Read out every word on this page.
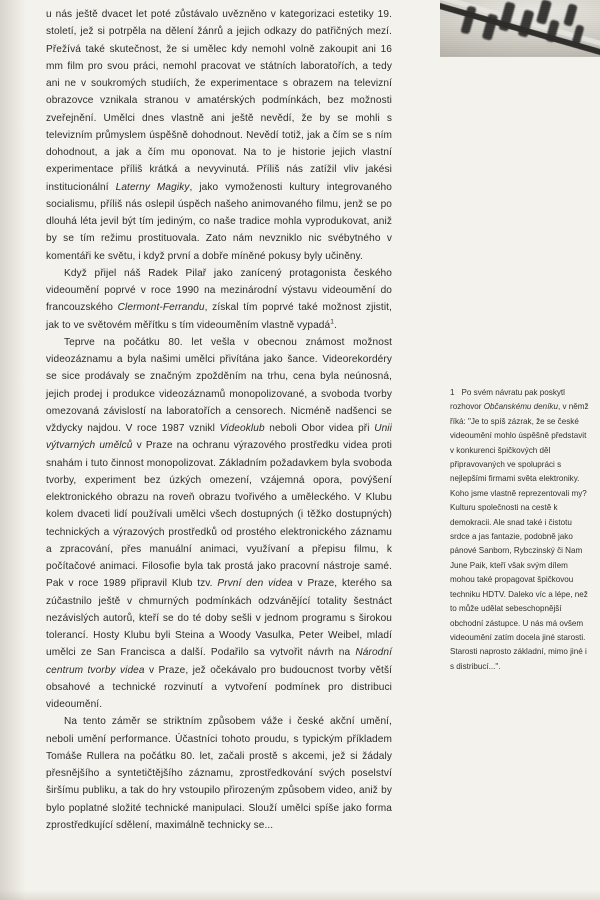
u nás ještě dvacet let poté zůstávalo uvězněno v kategorizaci estetiky 19. století, jež si potrpěla na dělení žánrů a jejich odkazy do patřičných mezí. Přežívá také skutečnost, že si umělec kdy nemohl volně zakoupit ani 16 mm film pro svou práci, nemohl pracovat ve státních laboratořích, a tedy ani ne v soukromých studiích, že experimentace s obrazem na televizní obrazovce vznikala stranou v amatérských podmínkách, bez možnosti zveřejnění. Umělci dnes vlastně ani ještě nevědí, že by se mohli s televizním průmyslem úspěšně dohodnout. Nevědí totiž, jak a čím se s ním dohodnout, a jak a čím mu oponovat. Na to je historie jejich vlastní experimentace příliš krátká a nevyvinutá. Příliš nás zatížil vliv jakési institucionální Laterny Magiky, jako vymoženosti kultury integrovaného socialismu, příliš nás oslepil úspěch našeho animovaného filmu, jenž se po dlouhá léta jevil být tím jediným, co naše tradice mohla vyprodukovat, aniž by se tím režimu prostituovala. Zato nám nevzniklo nic svébytného v komentáři ke světu, i když první a dobře míněné pokusy byly učiněny.

Když přijel náš Radek Pilař jako zanícený protagonista českého videoumění poprvé v roce 1990 na mezinárodní výstavu videoumění do francouzského Clermont-Ferrandu, získal tím poprvé také možnost zjistit, jak to ve světovém měřítku s tím videouměním vlastně vypadá$^1$.

Teprve na počátku 80. let vešla v obecnou známost možnost videozáznamu a byla našimi umělci přivítána jako šance. Videorekordéry se sice prodávaly se značným zpožděním na trhu, cena byla neúnosná, jejich prodej i produkce videozáznamů monopolizované, a svoboda tvorby omezovaná závislostí na laboratořích a censorech. Nicméně nadšenci se vždycky najdou. V roce 1987 vznikl Videoklub neboli Obor videa při Unii výtvarných umělců v Praze na ochranu výrazového prostředku videa proti snahám i tuto činnost monopolizovat. Základním požadavkem byla svoboda tvorby, experiment bez úzkých omezení, vzájemná opora, povýšení elektronického obrazu na roveň obrazu tvořivého a uměleckého. V Klubu kolem dvaceti lidí používali umělci všech dostupných (i těžko dostupných) technických a výrazových prostředků od prostého elektronického záznamu a zpracování, přes manuální animaci, využívaní a přepisu filmu, k počítačové animaci. Filosofie byla tak prostá jako pracovní nástroje samé. Pak v roce 1989 připravil Klub tzv. První den videa v Praze, kterého sa zúčastnilo ještě v chmurných podmínkách odzvánějící totality šestnáct nezávislých autorů, kteří se do té doby sešli v jednom programu s širokou tolerancí. Hosty Klubu byli Steina a Woody Vasulka, Peter Weibel, mladí umělci ze San Francisca a další. Podařilo sa vytvořit návrh na Národní centrum tvorby videa v Praze, jež očekávalo pro budoucnost tvorby větší obsahové a technické rozvinutí a vytvoření podmínek pro distribuci videoumění.

Na tento záměr se striktním způsobem váže i české akční umění, neboli umění performance. Účastníci tohoto proudu, s typickým příkladem Tomáše Rullera na počátku 80. let, začali prostě s akcemi, jež si žádaly přesnějšího a syntetičtějšího záznamu, zprostředkování svých poselství širšímu publiku, a tak do hry vstoupilo přirozeným způsobem video, aniž by bylo poplatné složité technické manipulaci. Slouží umělci spíše jako forma zprostředkující sdělení, maximálně technicky se...

1 Po svém návratu pak poskytl rozhovor Občanskému deníku, v němž říká: "Je to spíš zázrak, že se české videoumění mohlo úspěšně představit v konkurenci špičkových děl připravovaných ve spolupráci s nejlepšími firmami světa elektroniky. Koho jsme vlastně reprezentovali my? Kulturu společnosti na cestě k demokracii. Ale snad také i čistotu srdce a jas fantazie, podobně jako pánové Sanborn, Rybczinský či Nam June Paik, kteří však svým dílem mohou také propagovat špičkovou techniku HDTV. Daleko víc a lépe, než to může udělat sebeschopnější obchodní zástupce. U nás má ovšem videoumění zatím docela jiné starosti. Starosti naprosto základní, mimo jiné i s distribucí...".
